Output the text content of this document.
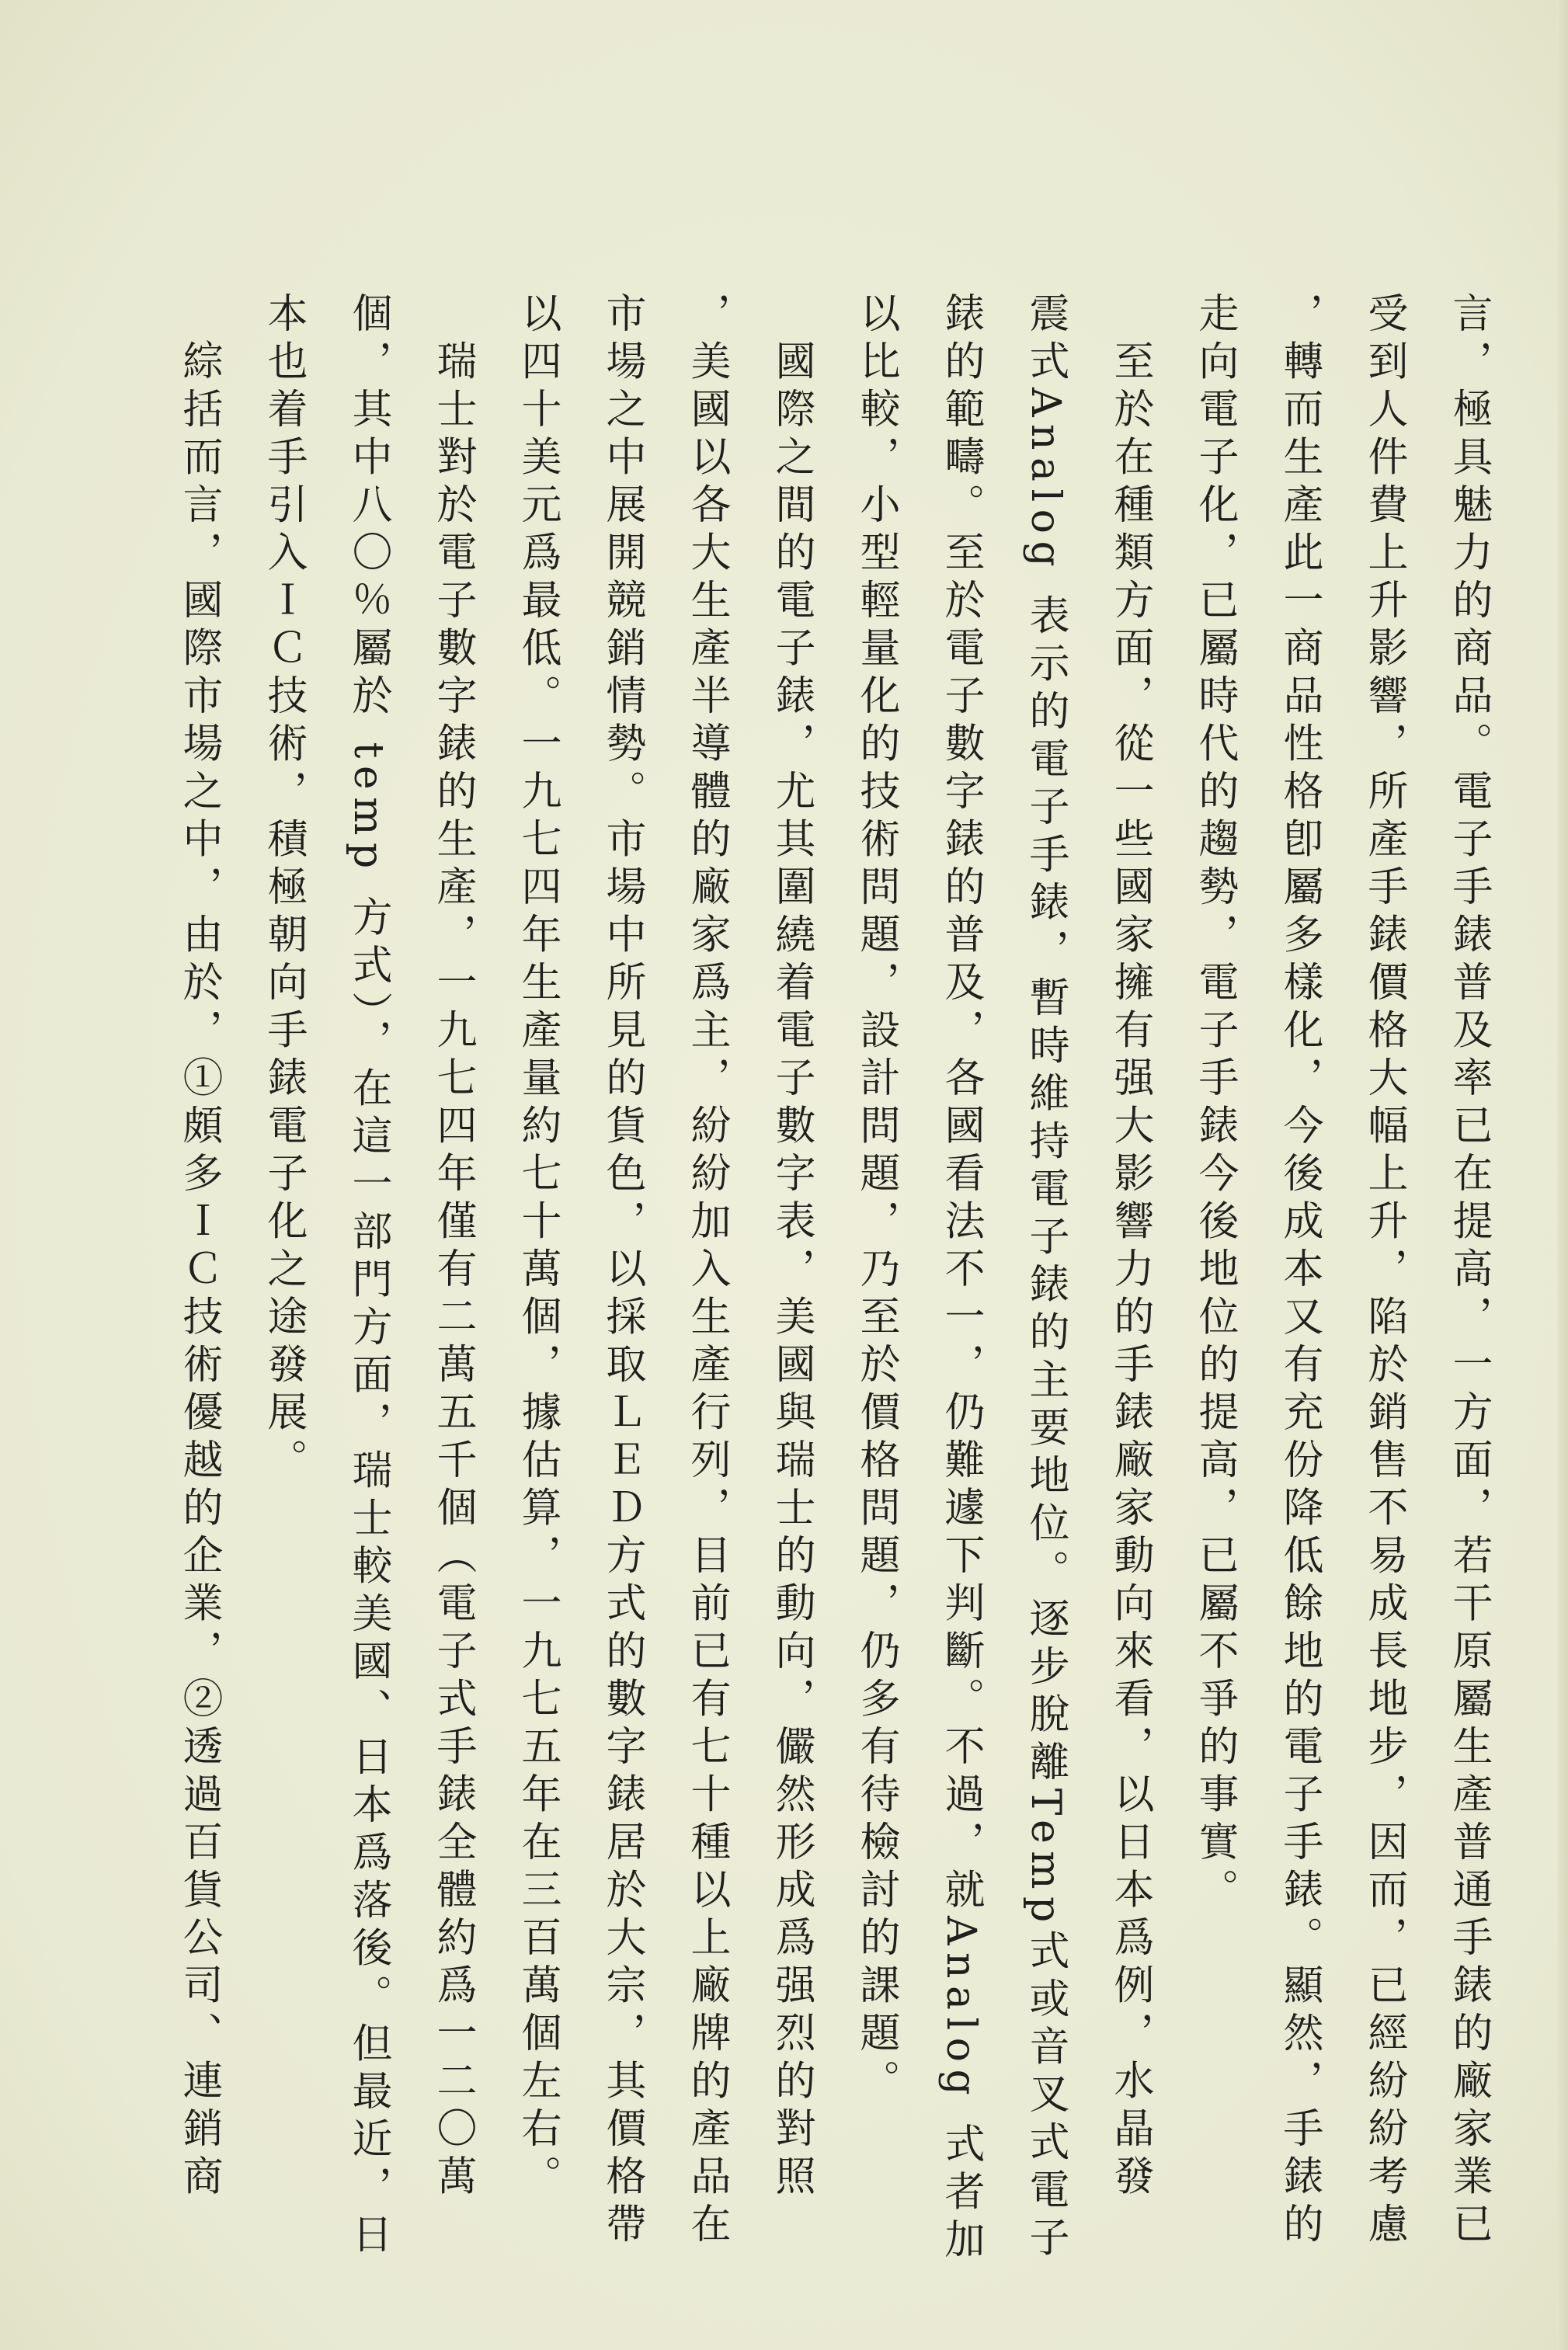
言，極具魅力的商品。電子手錶普及率已在提高，一方面，若干原屬生產普通手錶的廠家業已
受到人件費上升影響，所產手錶價格大幅上升，陷於銷售不易成長地步，因而，已經紛紛考慮
，轉而生產此一商品性格卽屬多樣化，今後成本又有充份降低餘地的電子手錶。顯然，手錶的
走向電子化，已屬時代的趨勢，電子手錶今後地位的提高，已屬不爭的事實。
　至於在種類方面，從一些國家擁有强大影響力的手錶廠家動向來看，以日本爲例，水晶發
震式Analog 表示的電子手錶，暫時維持電子錶的主要地位。逐步脫離Temp式或音叉式電子
錶的範疇。至於電子數字錶的普及，各國看法不一，仍難遽下判斷。不過，就Analog 式者加
以比較，小型輕量化的技術問題，設計問題，乃至於價格問題，仍多有待檢討的課題。
　國際之間的電子錶，尤其圍繞着電子數字表，美國與瑞士的動向，儼然形成爲强烈的對照
，美國以各大生產半導體的廠家爲主，紛紛加入生產行列，目前已有七十種以上廠牌的產品在
市場之中展開競銷情勢。市場中所見的貨色，以採取ＬＥＤ方式的數字錶居於大宗，其價格帶
以四十美元爲最低。一九七四年生產量約七十萬個，據估算，一九七五年在三百萬個左右。
　瑞士對於電子數字錶的生產，一九七四年僅有二萬五千個（電子式手錶全體約爲一二〇萬
個，其中八〇％屬於 temp 方式），在這一部門方面，瑞士較美國、日本爲落後。但最近，日
本也着手引入ＩＣ技術，積極朝向手錶電子化之途發展。
　綜括而言，國際市場之中，由於，①頗多ＩＣ技術優越的企業，②透過百貨公司、連銷商
